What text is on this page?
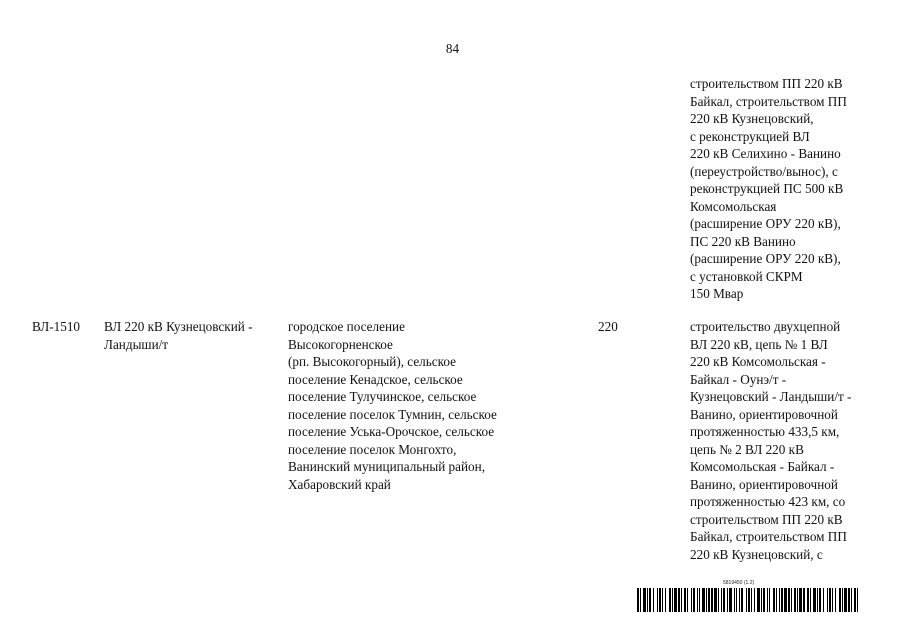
84
строительством ПП 220 кВ
Байкал, строительством ПП
220 кВ Кузнецовский,
с реконструкцией ВЛ
220 кВ Селихино - Ванино
(переустройство/вынос), с
реконструкцией ПС 500 кВ
Комсомольская
(расширение ОРУ 220 кВ),
ПС 220 кВ Ванино
(расширение ОРУ 220 кВ),
с установкой СКРМ
150 Мвар
ВЛ-1510 ВЛ 220 кВ Кузнецовский -
Ландыши/т
городское поселение
Высокогорненское
(рп. Высокогорный), сельское
поселение Кенадское, сельское
поселение Тулучинское, сельское
поселение поселок Тумнин, сельское
поселение Уська-Орочское, сельское
поселение поселок Монгохто,
Ванинский муниципальный район,
Хабаровский край
220	строительство двухцепной
ВЛ 220 кВ, цепь № 1 ВЛ
220 кВ Комсомольская -
Байкал - Оунэ/т -
Кузнецовский - Ландыши/т -
Ванино, ориентировочной
протяженностью 433,5 км,
цепь № 2 ВЛ 220 кВ
Комсомольская - Байкал -
Ванино, ориентировочной
протяженностью 423 км, со
строительством ПП 220 кВ
Байкал, строительством ПП
220 кВ Кузнецовский, с
5819450 (1.2)
